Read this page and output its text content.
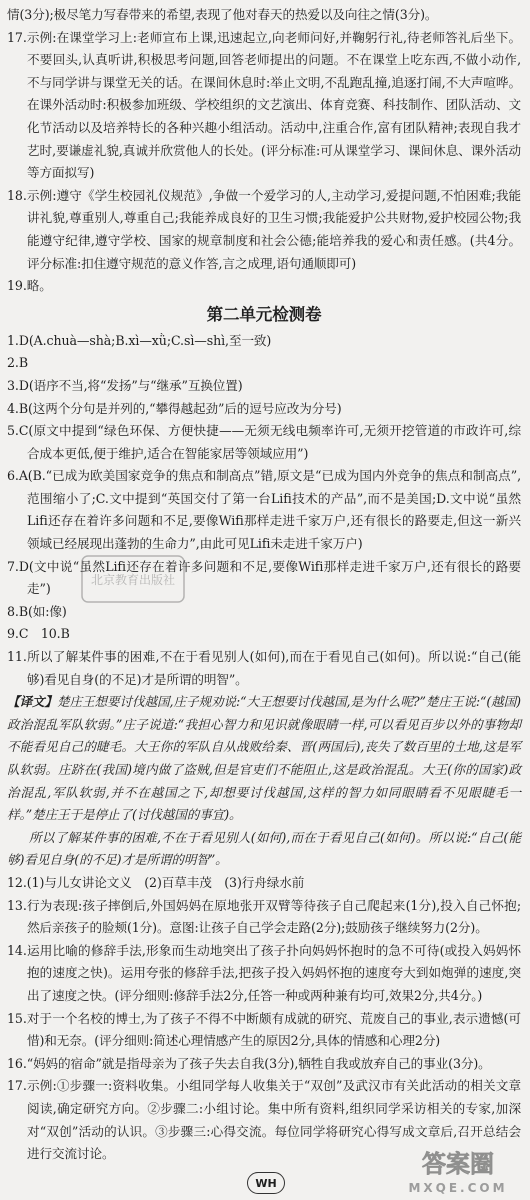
情(3分);极尽笔力写春带来的希望,表现了他对春天的热爱以及向往之情(3分)。

17.示例:在课堂学习上:老师宣布上课,迅速起立,向老师问好,并鞠躬行礼,待老师答礼后坐下。不要回头,认真听讲,积极思考问题,回答老师提出的问题。不在课堂上吃东西,不做小动作,不与同学讲与课堂无关的话。在课间休息时:举止文明,不乱跑乱撞,追逐打闹,不大声喧哗。在课外活动时:积极参加班级、学校组织的文艺演出、体育竞赛、科技制作、团队活动、文化节活动以及培养特长的各种兴趣小组活动。活动中,注重合作,富有团队精神;表现自我才艺时,要谦虚礼貌,真诚并欣赏他人的长处。(评分标准:可从课堂学习、课间休息、课外活动等方面拟写)

18.示例:遵守《学生校园礼仪规范》,争做一个爱学习的人,主动学习,爱提问题,不怕困难;我能讲礼貌,尊重别人,尊重自己;我能养成良好的卫生习惯;我能爱护公共财物,爱护校园公物;我能遵守纪律,遵守学校、国家的规章制度和社会公德;能培养我的爱心和责任感。(共4分。评分标准:扣住遵守规范的意义作答,言之成理,语句通顺即可)

19.略。

第二单元检测卷

1.D(A.chuà—shà;B.xì—xǜ;C.sì—shì,至一致)

2.B

3.D(语序不当,将“发扬”与“继承”互换位置)

4.B(这两个分句是并列的,“攀得越起劲”后的逗号应改为分号)

5.C(原文中提到“绿色环保、方便快捷——无须无线电频率许可,无须开挖管道的市政许可,综合成本更低,便于维护,适合在智能家居等领域应用”)

6.A(B.“已成为欧美国家竞争的焦点和制高点”错,原文是“已成为国内外竞争的焦点和制高点”,范围缩小了;C.文中提到“英国交付了第一台Lifi技术的产品”,而不是美国;D.文中说“虽然Lifi还存在着许多问题和不足,要像Wifi那样走进千家万户,还有很长的路要走,但这一新兴领域已经展现出蓬勃的生命力”,由此可见Lifi未走进千家万户)

7.D(文中说“虽然Lifi还存在着许多问题和不足,要像Wifi那样走进千家万户,还有很长的路要走”)

8.B(如:像)

9.C　10.B

11.所以了解某件事的困难,不在于看见别人(如何),而在于看见自己(如何)。所以说:“自己(能够)看见自身(的不足)才是所谓的明智”。

【译文】楚庄王想要讨伐越国,庄子规劝说:“大王想要讨伐越国,是为什么呢?”楚庄王说:“(越国)政治混乱军队软弱。”庄子说道:“我担心智力和见识就像眼睛一样,可以看见百步以外的事物却不能看见自己的睫毛。大王你的军队自从战败给秦、晋(两国后),丧失了数百里的土地,这是军队软弱。庄跻在(我国)境内做了盗贼,但是官吏们不能阻止,这是政治混乱。大王(你的国家)政治混乱,军队软弱,并不在越国之下,却想要讨伐越国,这样的智力如同眼睛看不见眼睫毛一样。”楚庄王于是停止了(讨伐越国的事宜)。

所以了解某件事的困难,不在于看见别人(如何),而在于看见自己(如何)。所以说:“自己(能够)看见自身(的不足)才是所谓的明智”。

12.(1)与儿女讲论文义　(2)百草丰茂　(3)行舟绿水前

13.行为表现:孩子摔倒后,外国妈妈在原地张开双臂等待孩子自己爬起来(1分),投入自己怀抱;然后亲孩子的脸颊(1分)。意图:让孩子自己学会走路(2分);鼓励孩子继续努力(2分)。

14.运用比喻的修辞手法,形象而生动地突出了孩子扑向妈妈怀抱时的急不可待(或投入妈妈怀抱的速度之快)。运用夸张的修辞手法,把孩子投入妈妈怀抱的速度夸大到如炮弹的速度,突出了速度之快。(评分细则:修辞手法2分,任答一种或两种兼有均可,效果2分,共4分。)

15.对于一个名校的博士,为了孩子不得不中断颇有成就的研究、荒废自己的事业,表示遗憾(可惜)和无奈。(评分细则:简述心理情感产生的原因2分,具体的情感和心理2分)

16.“妈妈的宿命”就是指母亲为了孩子失去自我(3分),牺牲自我或放弃自己的事业(3分)。

17.示例:①步骤一:资料收集。小组同学每人收集关于“双创”及武汉市有关此活动的相关文章阅读,确定研究方向。②步骤二:小组讨论。集中所有资料,组织同学采访相关的专家,加深对“双创”活动的认识。③步骤三:心得交流。每位同学将研究心得写成文章后,召开总结会进行交流讨论。

北京教育出版社
WH
答案圈
MXQE.COM
